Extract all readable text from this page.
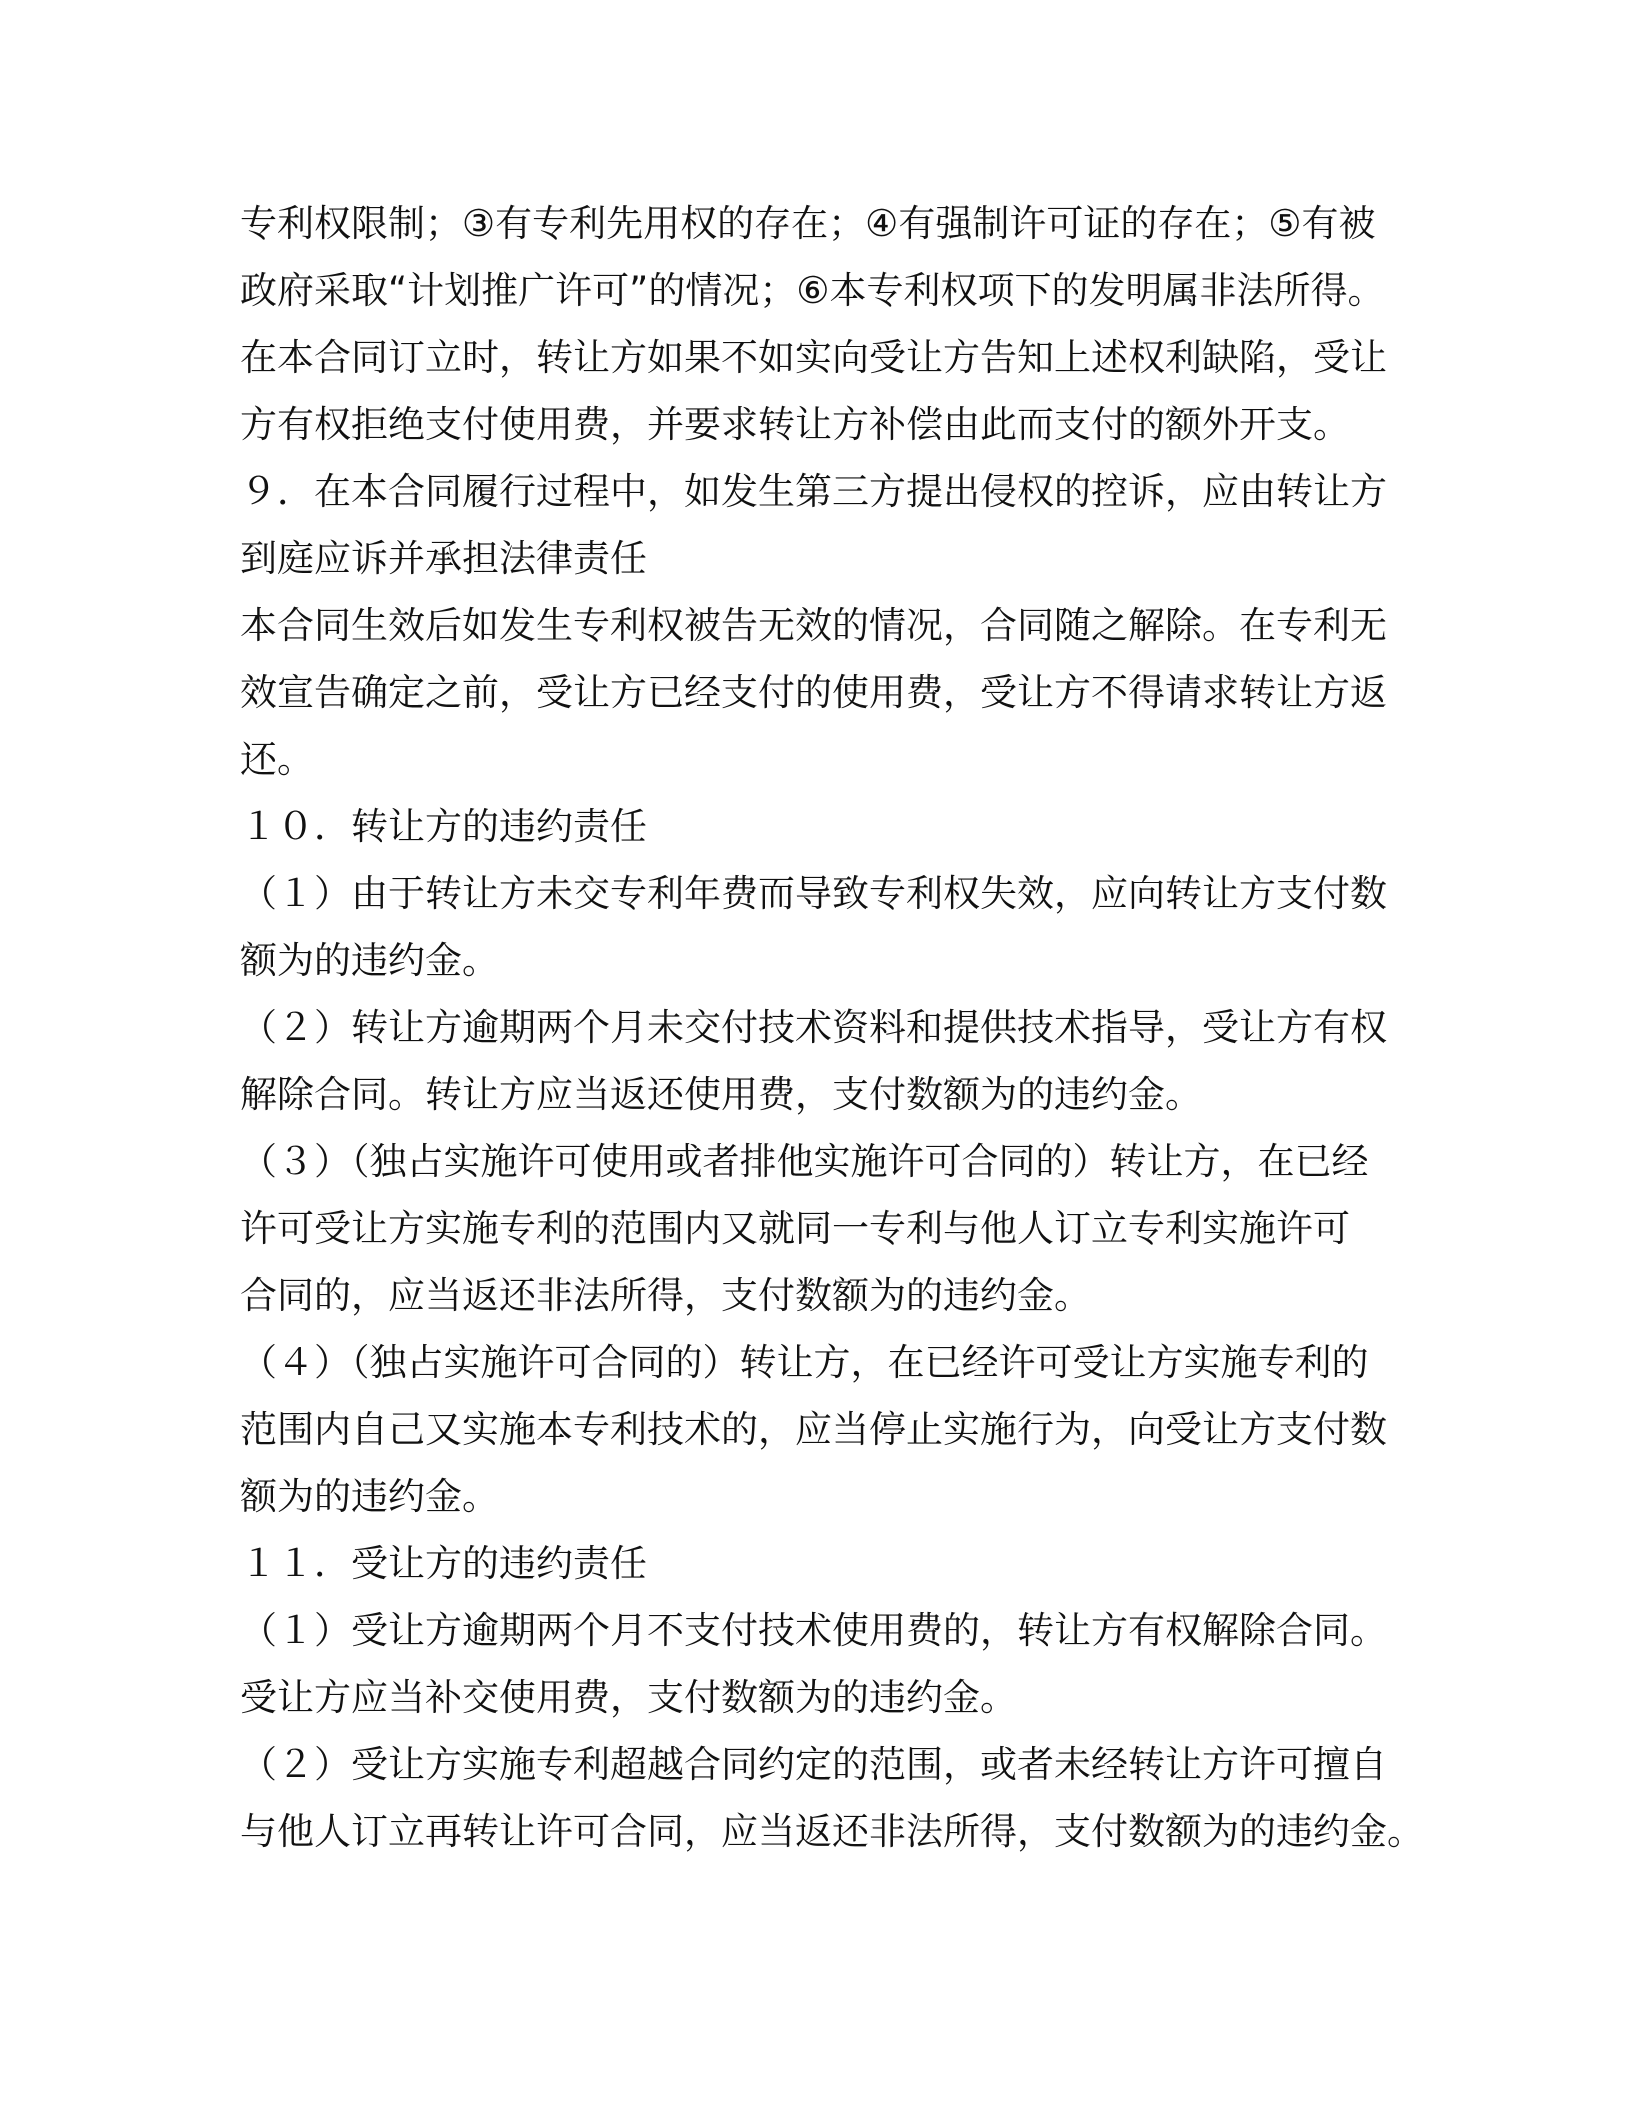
专利权限制；③有专利先用权的存在；④有强制许可证的存在；⑤有被
政府采取“计划推广许可”的情况；⑥本专利权项下的发明属非法所得。
在本合同订立时，转让方如果不如实向受让方告知上述权利缺陷，受让
方有权拒绝支付使用费，并要求转让方补偿由此而支付的额外开支。
９．在本合同履行过程中，如发生第三方提出侵权的控诉，应由转让方
到庭应诉并承担法律责任
本合同生效后如发生专利权被告无效的情况，合同随之解除。在专利无
效宣告确定之前，受让方已经支付的使用费，受让方不得请求转让方返
还。
１０．转让方的违约责任
（１）由于转让方未交专利年费而导致专利权失效，应向转让方支付数
额为的违约金。
（２）转让方逾期两个月未交付技术资料和提供技术指导，受让方有权
解除合同。转让方应当返还使用费，支付数额为的违约金。
（３）（独占实施许可使用或者排他实施许可合同的）转让方，在已经
许可受让方实施专利的范围内又就同一专利与他人订立专利实施许可
合同的，应当返还非法所得，支付数额为的违约金。
（４）（独占实施许可合同的）转让方，在已经许可受让方实施专利的
范围内自己又实施本专利技术的，应当停止实施行为，向受让方支付数
额为的违约金。
１１．受让方的违约责任
（１）受让方逾期两个月不支付技术使用费的，转让方有权解除合同。
受让方应当补交使用费，支付数额为的违约金。
（２）受让方实施专利超越合同约定的范围，或者未经转让方许可擅自
与他人订立再转让许可合同，应当返还非法所得，支付数额为的违约金。
